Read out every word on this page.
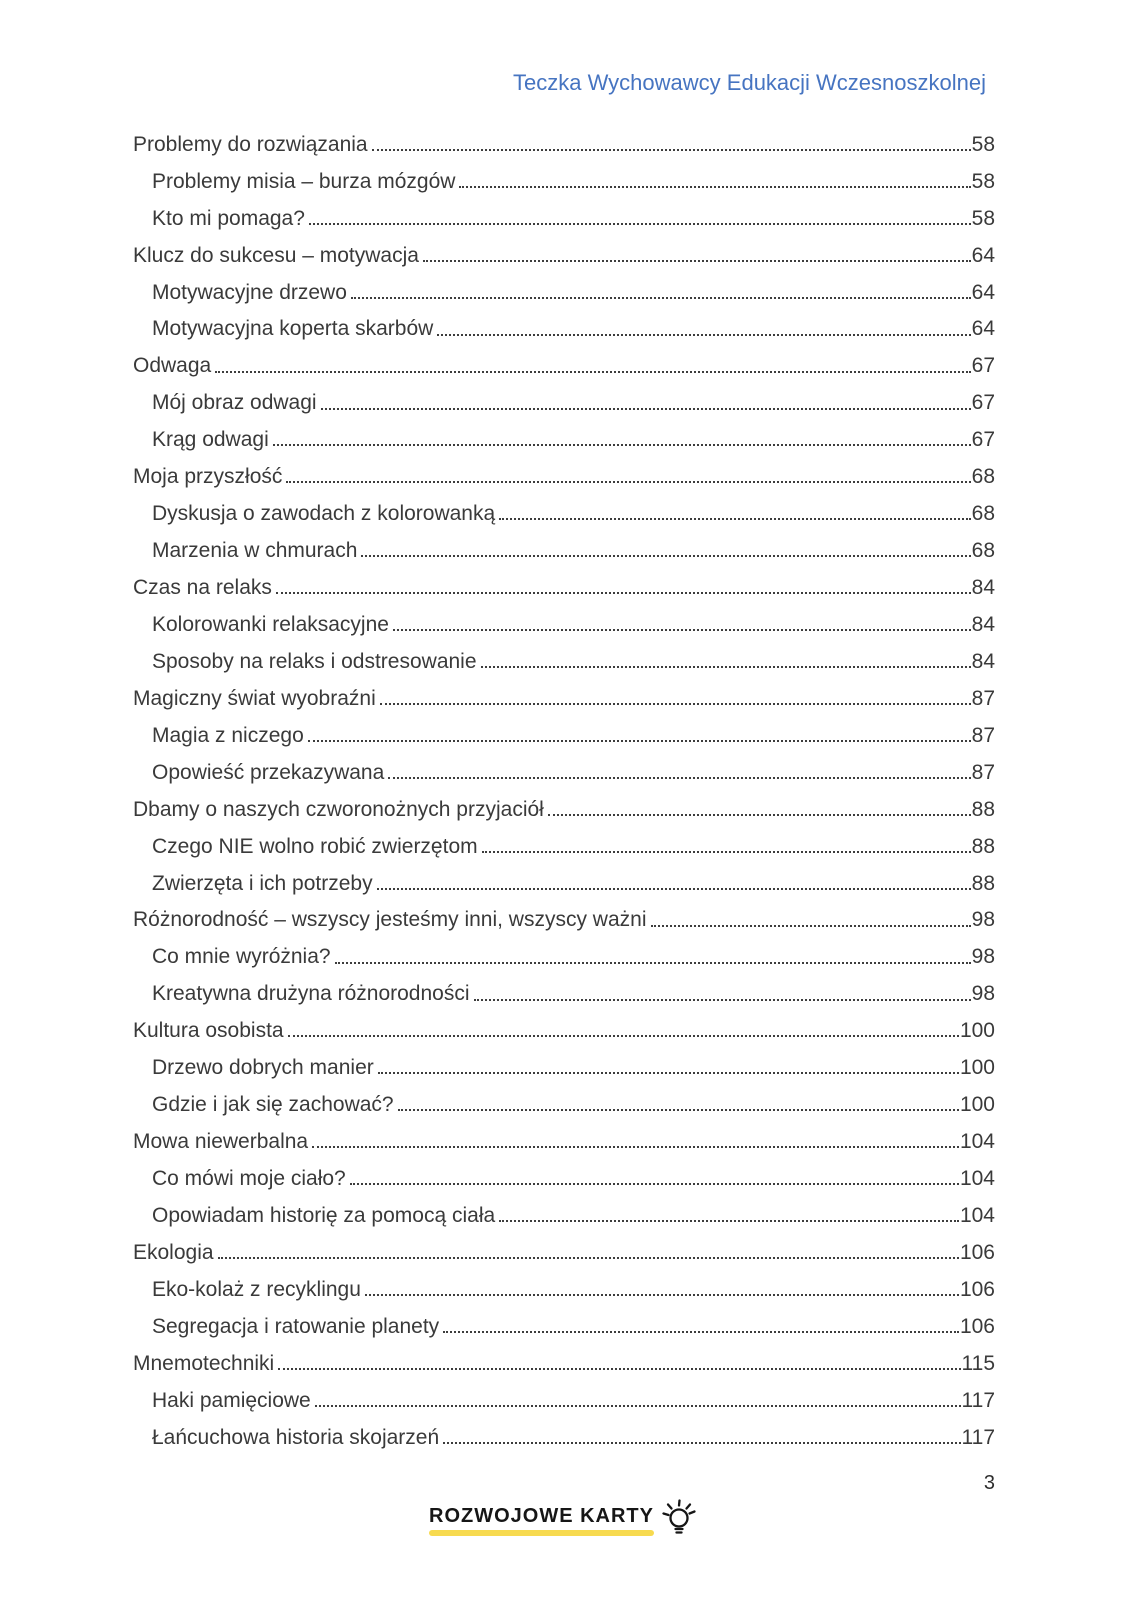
Teczka Wychowawcy Edukacji Wczesnoszkolnej
Problemy do rozwiązania	58
Problemy misia – burza mózgów	58
Kto mi pomaga?	58
Klucz do sukcesu – motywacja	64
Motywacyjne drzewo	64
Motywacyjna koperta skarbów	64
Odwaga	67
Mój obraz odwagi	67
Krąg odwagi	67
Moja przyszłość	68
Dyskusja o zawodach z kolorowanką	68
Marzenia w chmurach	68
Czas na relaks	84
Kolorowanki relaksacyjne	84
Sposoby na relaks i odstresowanie	84
Magiczny świat wyobraźni	87
Magia z niczego	87
Opowieść przekazywana	87
Dbamy o naszych czworonożnych przyjaciół	88
Czego NIE wolno robić zwierzętom	88
Zwierzęta i ich potrzeby	88
Różnorodność – wszyscy jesteśmy inni, wszyscy ważni	98
Co mnie wyróżnia?	98
Kreatywna drużyna różnorodności	98
Kultura osobista	100
Drzewo dobrych manier	100
Gdzie i jak się zachować?	100
Mowa niewerbalna	104
Co mówi moje ciało?	104
Opowiadam historię za pomocą ciała	104
Ekologia	106
Eko-kolaż z recyklingu	106
Segregacja i ratowanie planety	106
Mnemotechniki	115
Haki pamięciowe	117
Łańcuchowa historia skojarzeń	117
3
ROZWOJOWE KARTY
